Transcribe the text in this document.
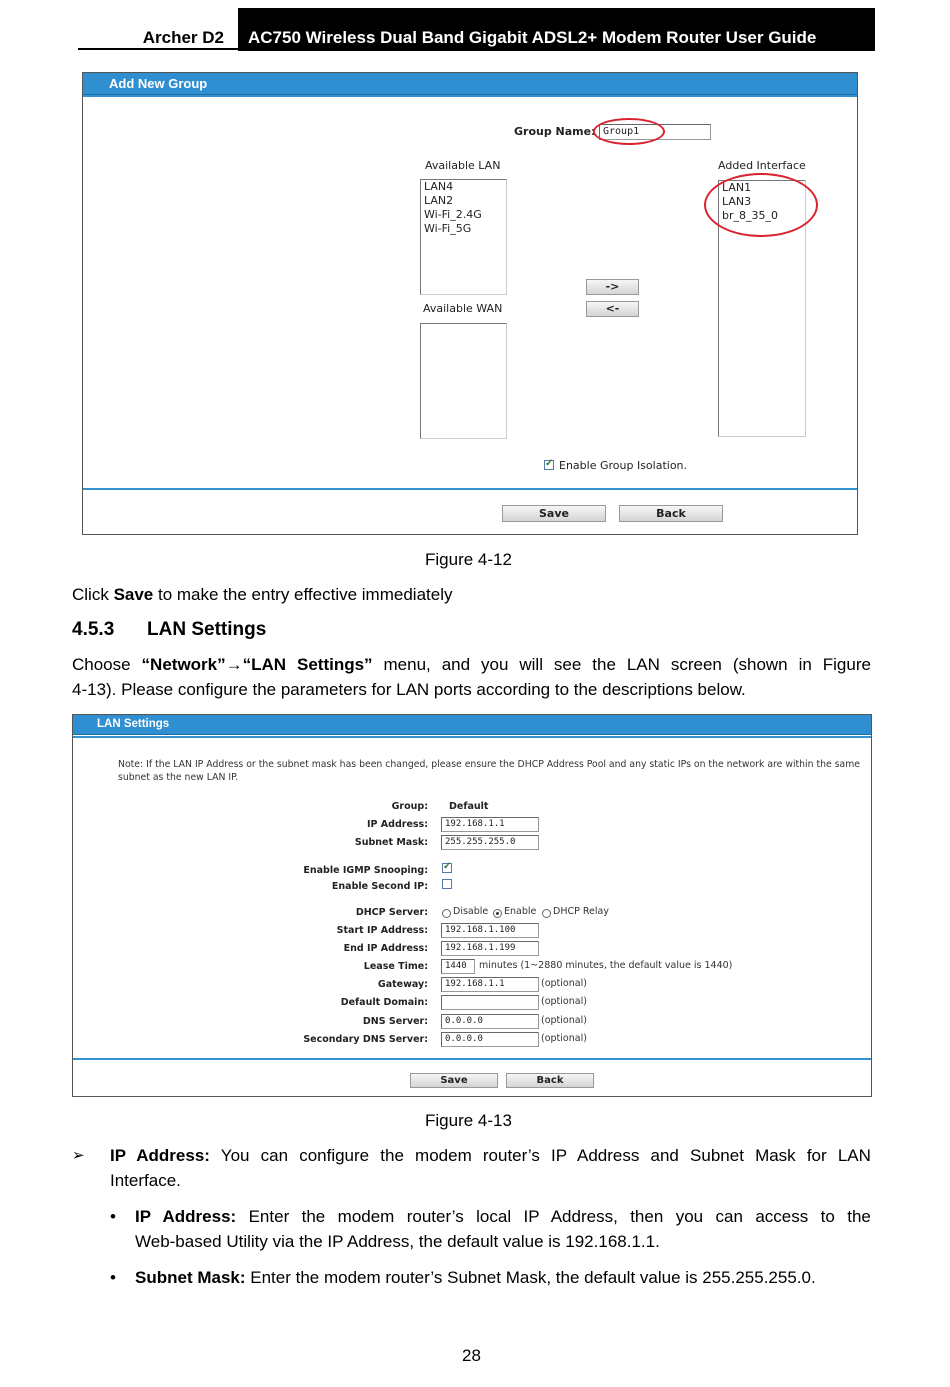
Archer D2 AC750 Wireless Dual Band Gigabit ADSL2+ Modem Router User Guide
Add New Group
Group Name: Group1
Available LAN
LAN4
LAN2
Wi-Fi_2.4G
Wi-Fi_5G
Added Interface
LAN1
LAN3
br_8_35_0
->
<-
Available WAN
✓
Enable Group Isolation.
Save	Back
Figure 4-12
Click Save to make the entry effective immediately
4.5.3 LAN Settings
Choose “Network”→“LAN Settings” menu, and you will see the LAN screen (shown in Figure
4-13). Please configure the parameters for LAN ports according to the descriptions below.
LAN Settings
Note: If the LAN IP Address or the subnet mask has been changed, please ensure the DHCP Address Pool and any static IPs on the network are within the same
subnet as the new LAN IP.
Group: Default
IP Address:	192.168.1.1
Subnet Mask:	255.255.255.0
Enable IGMP Snooping:
✓
Enable Second IP:
DHCP Server:	Disable Enable DHCP Relay
Start IP Address:	192.168.1.100
End IP Address:	192.168.1.199
Lease Time:	1440	minutes (1~2880 minutes, the default value is 1440)
Gateway:	192.168.1.1	(optional)
Default Domain:	(optional)
DNS Server:	0.0.0.0	(optional)
Secondary DNS Server:	0.0.0.0	(optional)
Save	Back
Figure 4-13
➢ IP Address: You can configure the modem router’s IP Address and Subnet Mask for LAN
Interface.
• IP Address: Enter the modem router’s local IP Address, then you can access to the
Web-based Utility via the IP Address, the default value is 192.168.1.1.
• Subnet Mask: Enter the modem router’s Subnet Mask, the default value is 255.255.255.0.
28
